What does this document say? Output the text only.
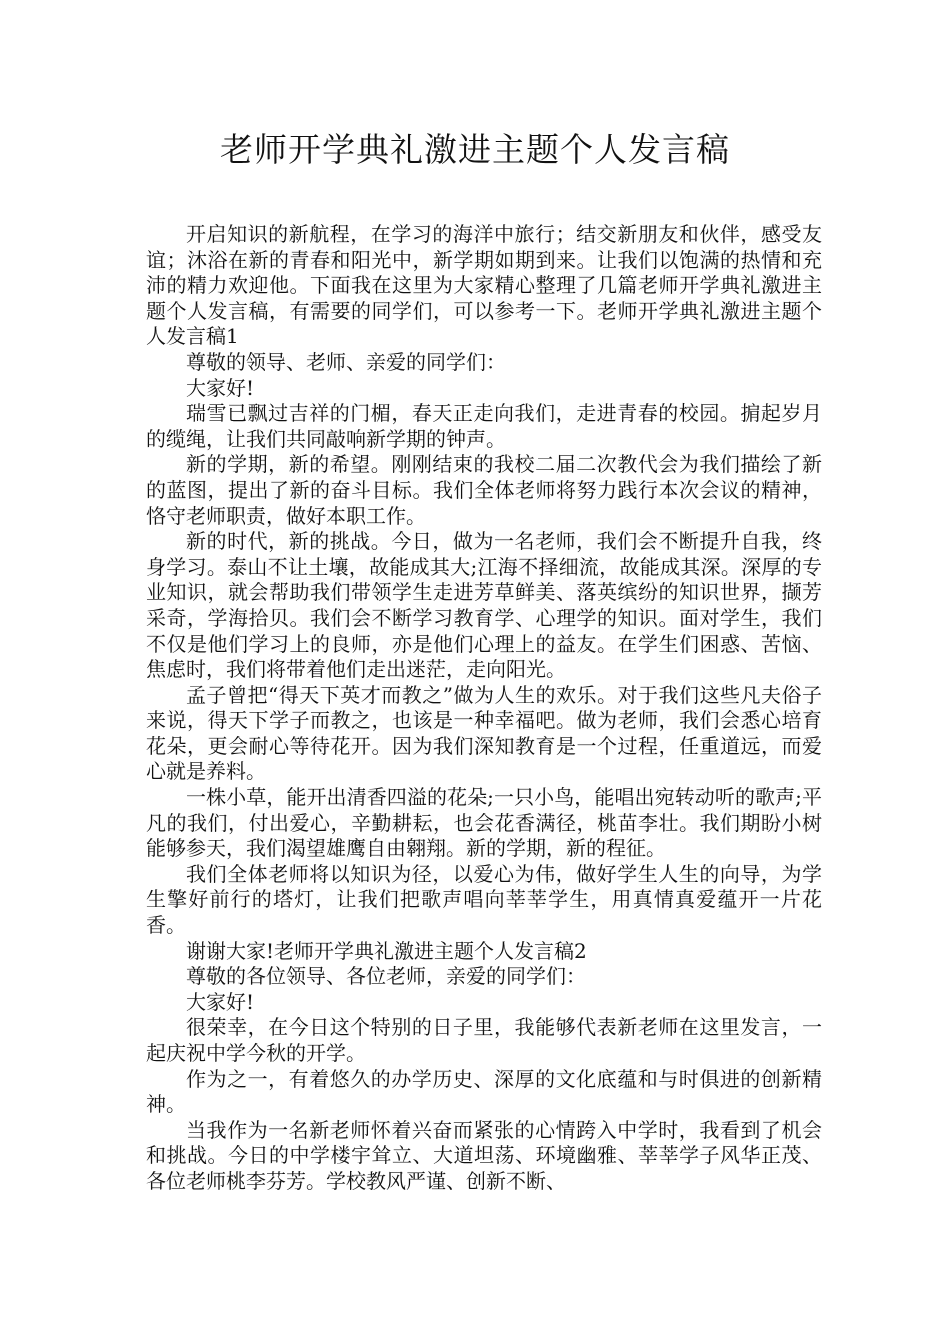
老师开学典礼激进主题个人发言稿

开启知识的新航程，在学习的海洋中旅行；结交新朋友和伙伴，感受友谊；沐浴在新的青春和阳光中，新学期如期到来。让我们以饱满的热情和充沛的精力欢迎他。下面我在这里为大家精心整理了几篇老师开学典礼激进主题个人发言稿，有需要的同学们，可以参考一下。老师开学典礼激进主题个人发言稿1

尊敬的领导、老师、亲爱的同学们：

大家好!

瑞雪已飘过吉祥的门楣，春天正走向我们，走进青春的校园。掮起岁月的缆绳，让我们共同敲响新学期的钟声。

新的学期，新的希望。刚刚结束的我校二届二次教代会为我们描绘了新的蓝图，提出了新的奋斗目标。我们全体老师将努力践行本次会议的精神，恪守老师职责，做好本职工作。

新的时代，新的挑战。今日，做为一名老师，我们会不断提升自我，终身学习。泰山不让土壤，故能成其大;江海不择细流，故能成其深。深厚的专业知识，就会帮助我们带领学生走进芳草鲜美、落英缤纷的知识世界，撷芳采奇，学海拾贝。我们会不断学习教育学、心理学的知识。面对学生，我们不仅是他们学习上的良师，亦是他们心理上的益友。在学生们困惑、苦恼、焦虑时，我们将带着他们走出迷茫，走向阳光。

孟子曾把“得天下英才而教之”做为人生的欢乐。对于我们这些凡夫俗子来说，得天下学子而教之，也该是一种幸福吧。做为老师，我们会悉心培育花朵，更会耐心等待花开。因为我们深知教育是一个过程，任重道远，而爱心就是养料。

一株小草，能开出清香四溢的花朵;一只小鸟，能唱出宛转动听的歌声;平凡的我们，付出爱心，辛勤耕耘，也会花香满径，桃苗李壮。我们期盼小树能够参天，我们渴望雄鹰自由翱翔。新的学期，新的程征。

我们全体老师将以知识为径，以爱心为伟，做好学生人生的向导，为学生擎好前行的塔灯，让我们把歌声唱向莘莘学生，用真情真爱蕴开一片花香。

谢谢大家!老师开学典礼激进主题个人发言稿2

尊敬的各位领导、各位老师，亲爱的同学们：

大家好!

很荣幸，在今日这个特别的日子里，我能够代表新老师在这里发言，一起庆祝中学今秋的开学。

作为之一，有着悠久的办学历史、深厚的文化底蕴和与时俱进的创新精神。

当我作为一名新老师怀着兴奋而紧张的心情跨入中学时，我看到了机会和挑战。今日的中学楼宇耸立、大道坦荡、环境幽雅、莘莘学子风华正茂、各位老师桃李芬芳。学校教风严谨、创新不断、
